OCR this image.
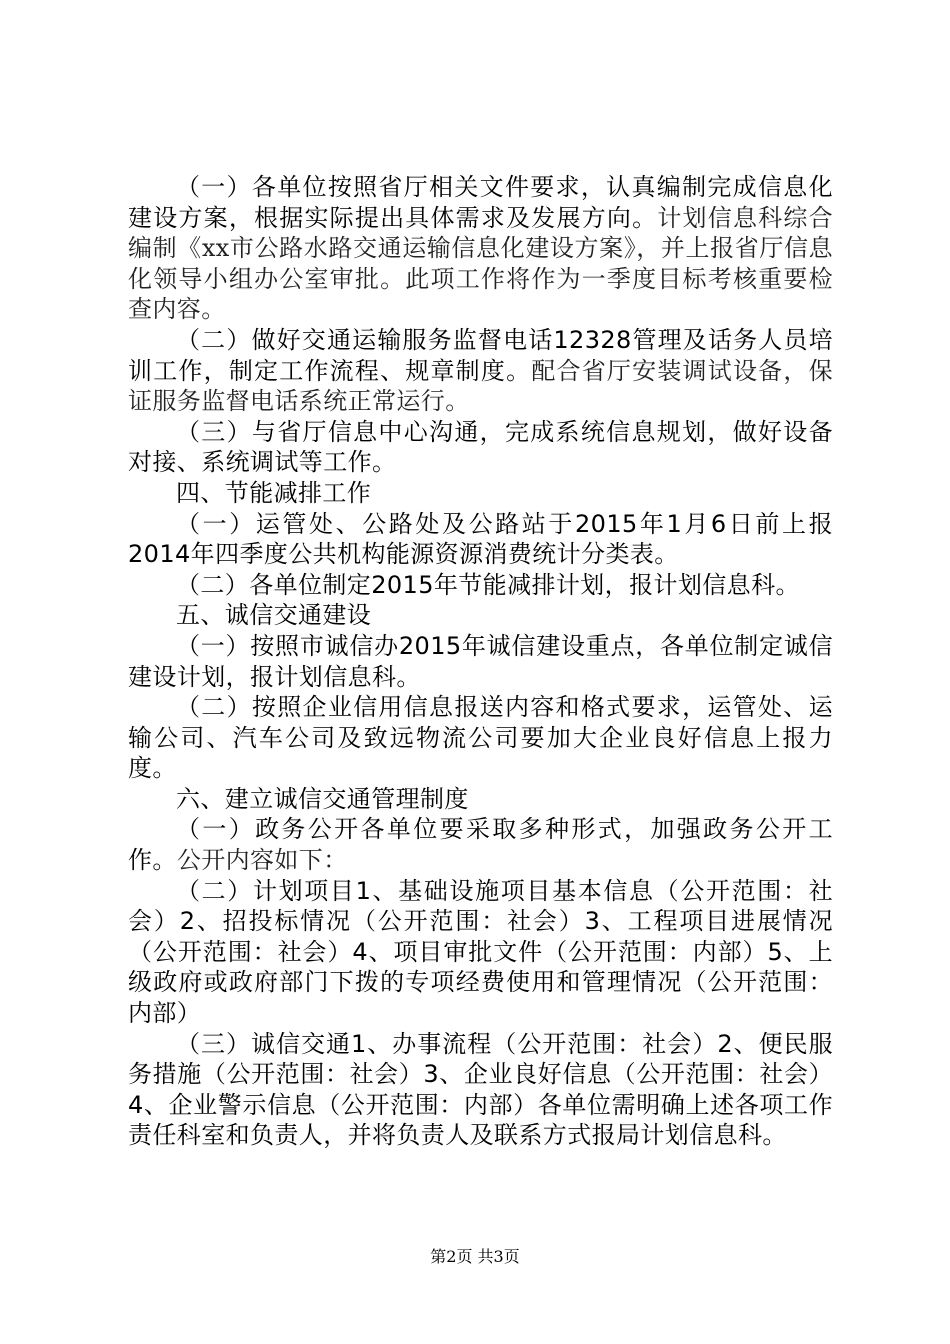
（一）各单位按照省厅相关文件要求，认真编制完成信息化建设方案，根据实际提出具体需求及发展方向。计划信息科综合编制《xx市公路水路交通运输信息化建设方案》，并上报省厅信息化领导小组办公室审批。此项工作将作为一季度目标考核重要检查内容。

（二）做好交通运输服务监督电话12328管理及话务人员培训工作，制定工作流程、规章制度。配合省厅安装调试设备，保证服务监督电话系统正常运行。

（三）与省厅信息中心沟通，完成系统信息规划，做好设备对接、系统调试等工作。

四、节能减排工作

（一）运管处、公路处及公路站于2015年1月6日前上报2014年四季度公共机构能源资源消费统计分类表。

（二）各单位制定2015年节能减排计划，报计划信息科。

五、诚信交通建设

（一）按照市诚信办2015年诚信建设重点，各单位制定诚信建设计划，报计划信息科。

（二）按照企业信用信息报送内容和格式要求，运管处、运输公司、汽车公司及致远物流公司要加大企业良好信息上报力度。

六、建立诚信交通管理制度

（一）政务公开各单位要采取多种形式，加强政务公开工作。公开内容如下：

（二）计划项目1、基础设施项目基本信息（公开范围：社会）2、招投标情况（公开范围：社会）3、工程项目进展情况（公开范围：社会）4、项目审批文件（公开范围：内部）5、上级政府或政府部门下拨的专项经费使用和管理情况（公开范围：内部）

（三）诚信交通1、办事流程（公开范围：社会）2、便民服务措施（公开范围：社会）3、企业良好信息（公开范围：社会）4、企业警示信息（公开范围：内部）各单位需明确上述各项工作责任科室和负责人，并将负责人及联系方式报局计划信息科。

第2页 共3页
